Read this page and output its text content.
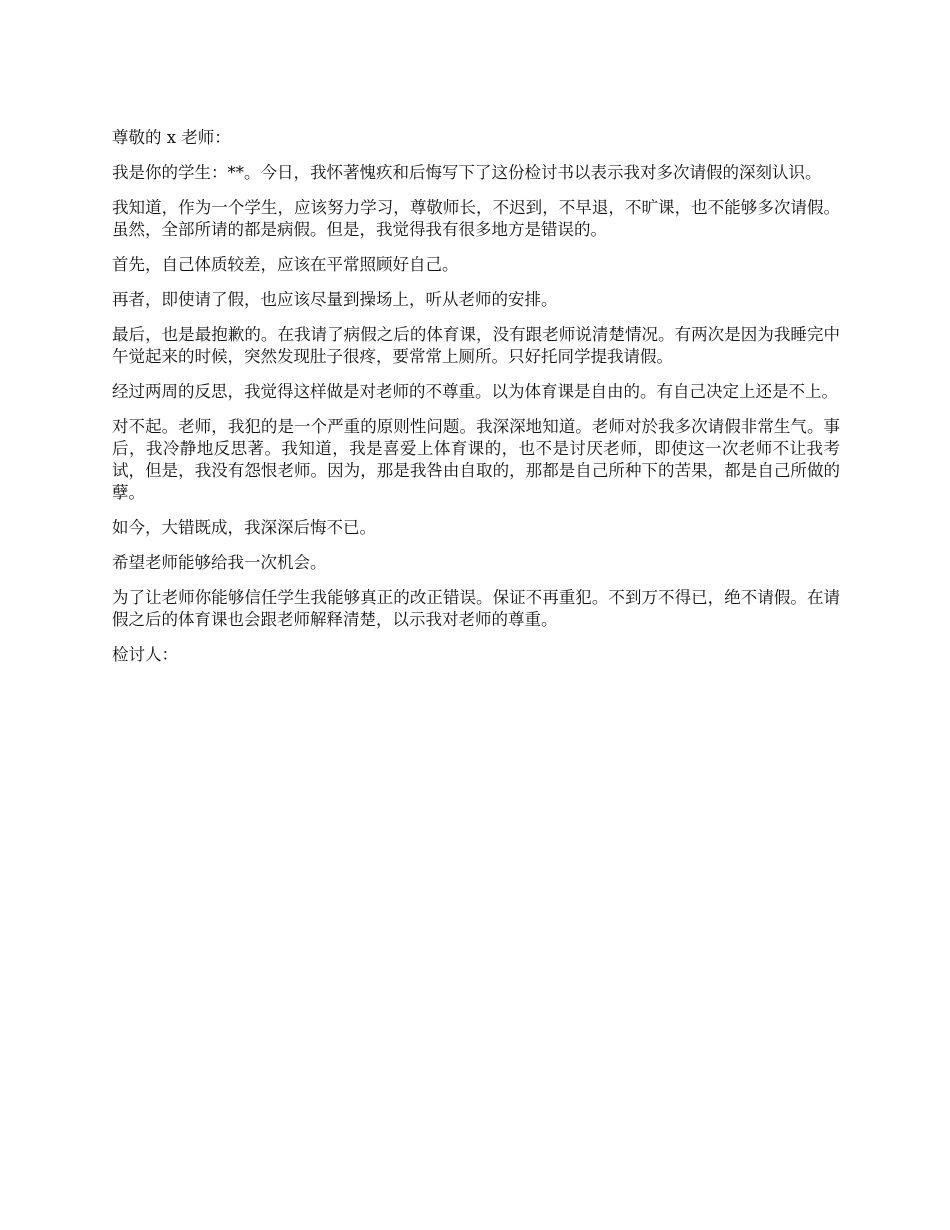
尊敬的 x 老师：

我是你的学生：**。今日，我怀著愧疚和后悔写下了这份检讨书以表示我对多次请假的深刻认识。

我知道，作为一个学生，应该努力学习，尊敬师长，不迟到，不早退，不旷课，也不能够多次请假。虽然，全部所请的都是病假。但是，我觉得我有很多地方是错误的。

首先，自己体质较差，应该在平常照顾好自己。

再者，即使请了假，也应该尽量到操场上，听从老师的安排。

最后，也是最抱歉的。在我请了病假之后的体育课，没有跟老师说清楚情况。有两次是因为我睡完中午觉起来的时候，突然发现肚子很疼，要常常上厕所。只好托同学提我请假。

经过两周的反思，我觉得这样做是对老师的不尊重。以为体育课是自由的。有自己决定上还是不上。

对不起。老师，我犯的是一个严重的原则性问题。我深深地知道。老师对於我多次请假非常生气。事后，我冷静地反思著。我知道，我是喜爱上体育课的，也不是讨厌老师，即使这一次老师不让我考试，但是，我没有怨恨老师。因为，那是我咎由自取的，那都是自己所种下的苦果，都是自己所做的孽。

如今，大错既成，我深深后悔不已。

希望老师能够给我一次机会。

为了让老师你能够信任学生我能够真正的改正错误。保证不再重犯。不到万不得已，绝不请假。在请假之后的体育课也会跟老师解释清楚，以示我对老师的尊重。

检讨人：
